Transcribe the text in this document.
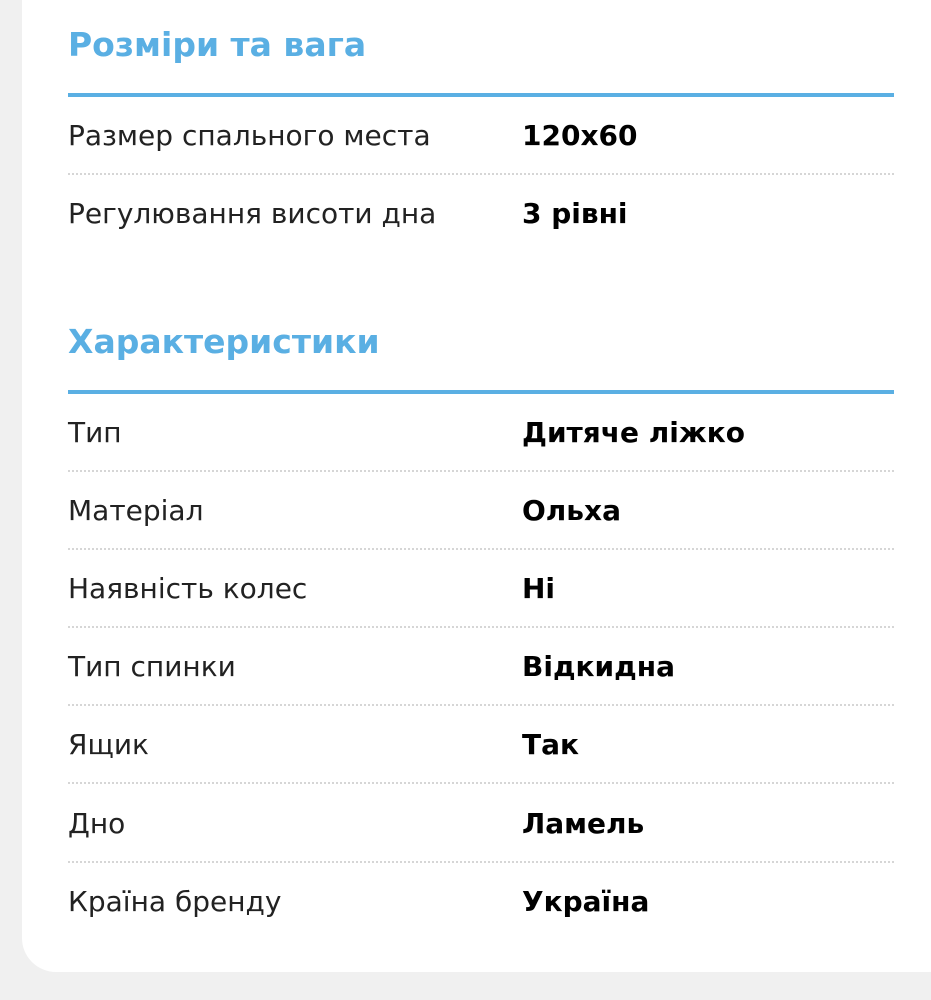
Розміри та вага
Размер спального места	120x60
Регулювання висоти дна	3 рівні
Характеристики
Тип	Дитяче ліжко
Матеріал	Ольха
Наявність колес	Ні
Тип спинки	Відкидна
Ящик	Так
Дно	Ламель
Країна бренду	Україна
